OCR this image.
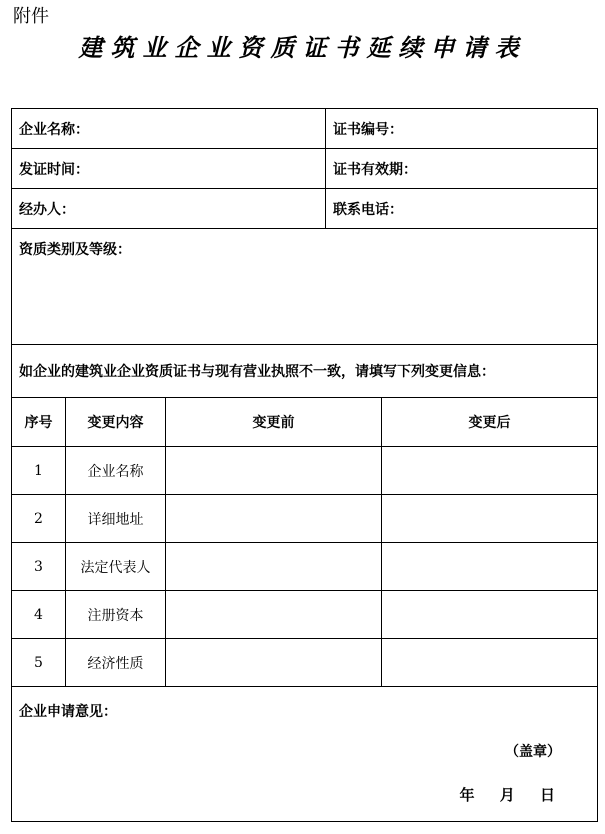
附件
建筑业企业资质证书延续申请表
企业名称：			证书编号：	
发证时间：			证书有效期：	
经办人：			联系电话：	

资质类别及等级：				

如企业的建筑业企业资质证书与现有营业执照不一致，请填写下列变更信息：				
序号	变更内容	变更前		变更后
1	企业名称			
2	详细地址			
3	法定代表人			
4	注册资本			
5	经济性质			

企业申请意见：
（盖章）
年 月 日				
